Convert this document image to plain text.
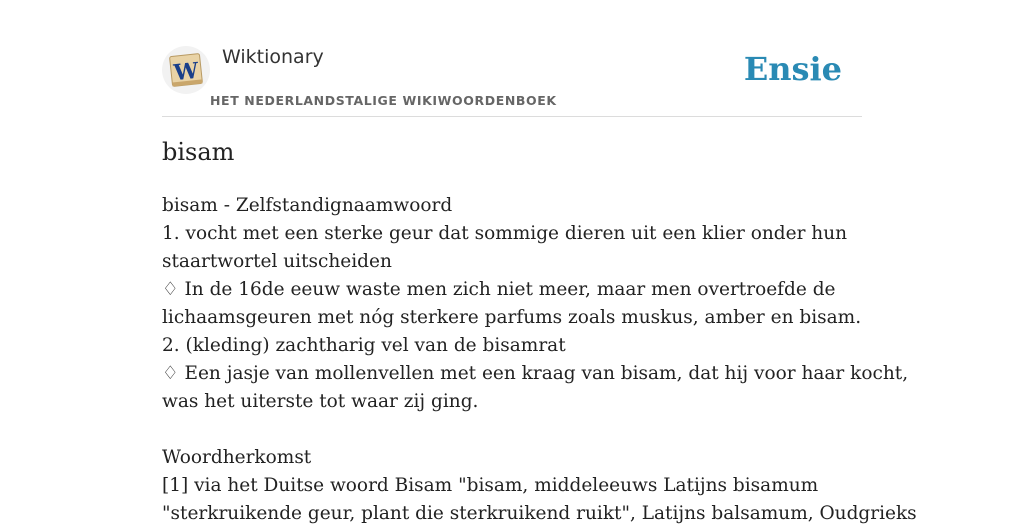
W
Wiktionary
HET NEDERLANDSTALIGE WIKIWOORDENBOEK
Ensie
bisam
bisam - Zelfstandignaamwoord
1. vocht met een sterke geur dat sommige dieren uit een klier onder hun
staartwortel uitscheiden
♢ In de 16de eeuw waste men zich niet meer, maar men overtroefde de
lichaamsgeuren met nóg sterkere parfums zoals muskus, amber en bisam.
2. (kleding) zachtharig vel van de bisamrat
♢ Een jasje van mollenvellen met een kraag van bisam, dat hij voor haar kocht,
was het uiterste tot waar zij ging.
Woordherkomst
[1] via het Duitse woord Bisam "bisam, middeleeuws Latijns bisamum
"sterkruikende geur, plant die sterkruikend ruikt", Latijns balsamum, Oudgrieks
